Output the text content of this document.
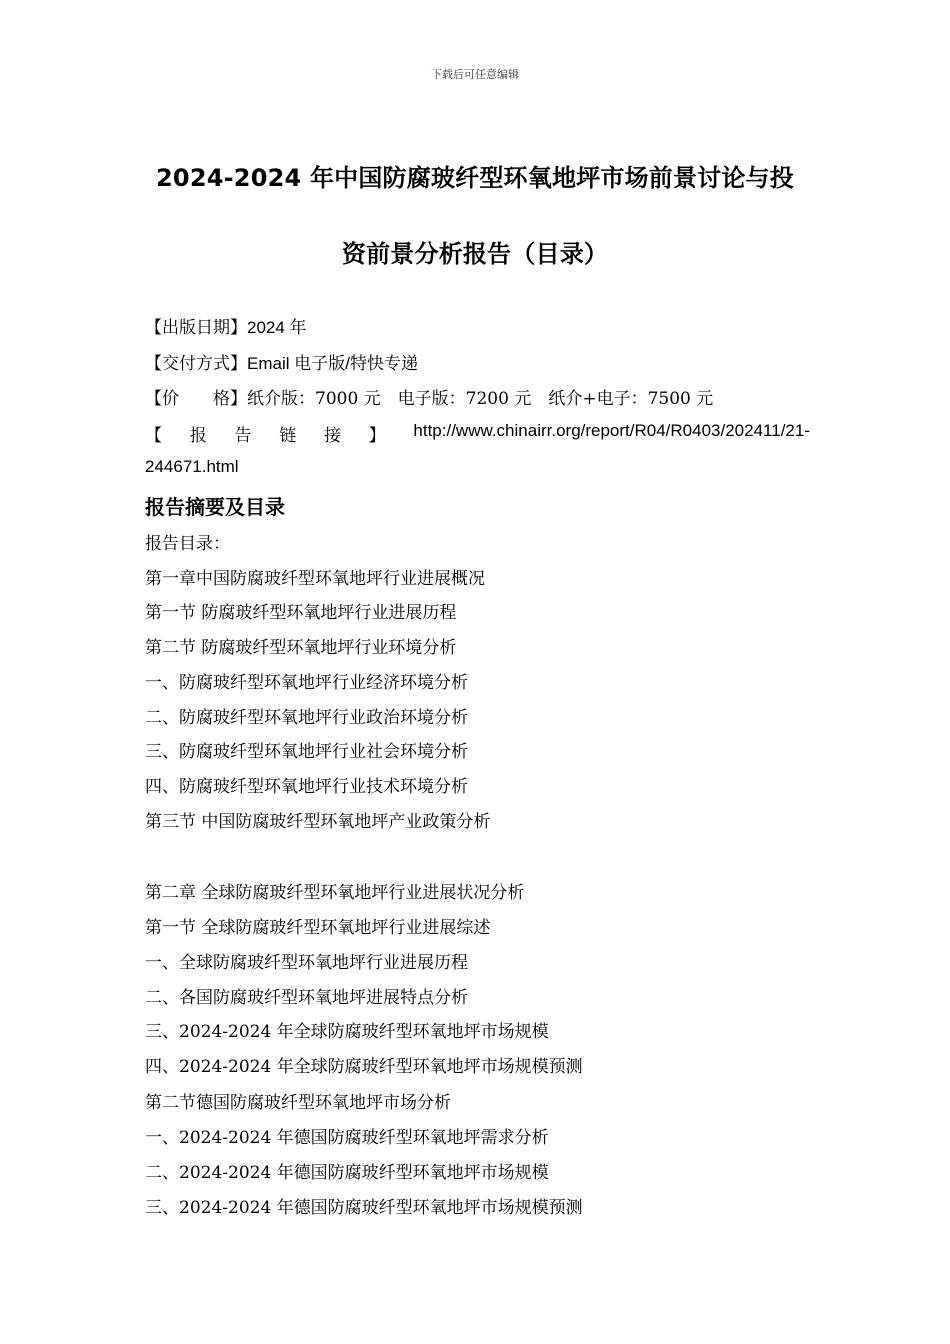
下载后可任意编辑
2024-2024 年中国防腐玻纤型环氧地坪市场前景讨论与投
资前景分析报告（目录）
【出版日期】2024 年
【交付方式】Email 电子版/特快专递
【价　　格】纸介版：7000 元　电子版：7200 元　纸介+电子：7500 元
【 报 告 链 接 】 http://www.chinairr.org/report/R04/R0403/202411/21-
244671.html
报告摘要及目录
报告目录：
第一章中国防腐玻纤型环氧地坪行业进展概况
第一节 防腐玻纤型环氧地坪行业进展历程
第二节 防腐玻纤型环氧地坪行业环境分析
一、防腐玻纤型环氧地坪行业经济环境分析
二、防腐玻纤型环氧地坪行业政治环境分析
三、防腐玻纤型环氧地坪行业社会环境分析
四、防腐玻纤型环氧地坪行业技术环境分析
第三节 中国防腐玻纤型环氧地坪产业政策分析
第二章 全球防腐玻纤型环氧地坪行业进展状况分析
第一节 全球防腐玻纤型环氧地坪行业进展综述
一、全球防腐玻纤型环氧地坪行业进展历程
二、各国防腐玻纤型环氧地坪进展特点分析
三、2024-2024 年全球防腐玻纤型环氧地坪市场规模
四、2024-2024 年全球防腐玻纤型环氧地坪市场规模预测
第二节德国防腐玻纤型环氧地坪市场分析
一、2024-2024 年德国防腐玻纤型环氧地坪需求分析
二、2024-2024 年德国防腐玻纤型环氧地坪市场规模
三、2024-2024 年德国防腐玻纤型环氧地坪市场规模预测
